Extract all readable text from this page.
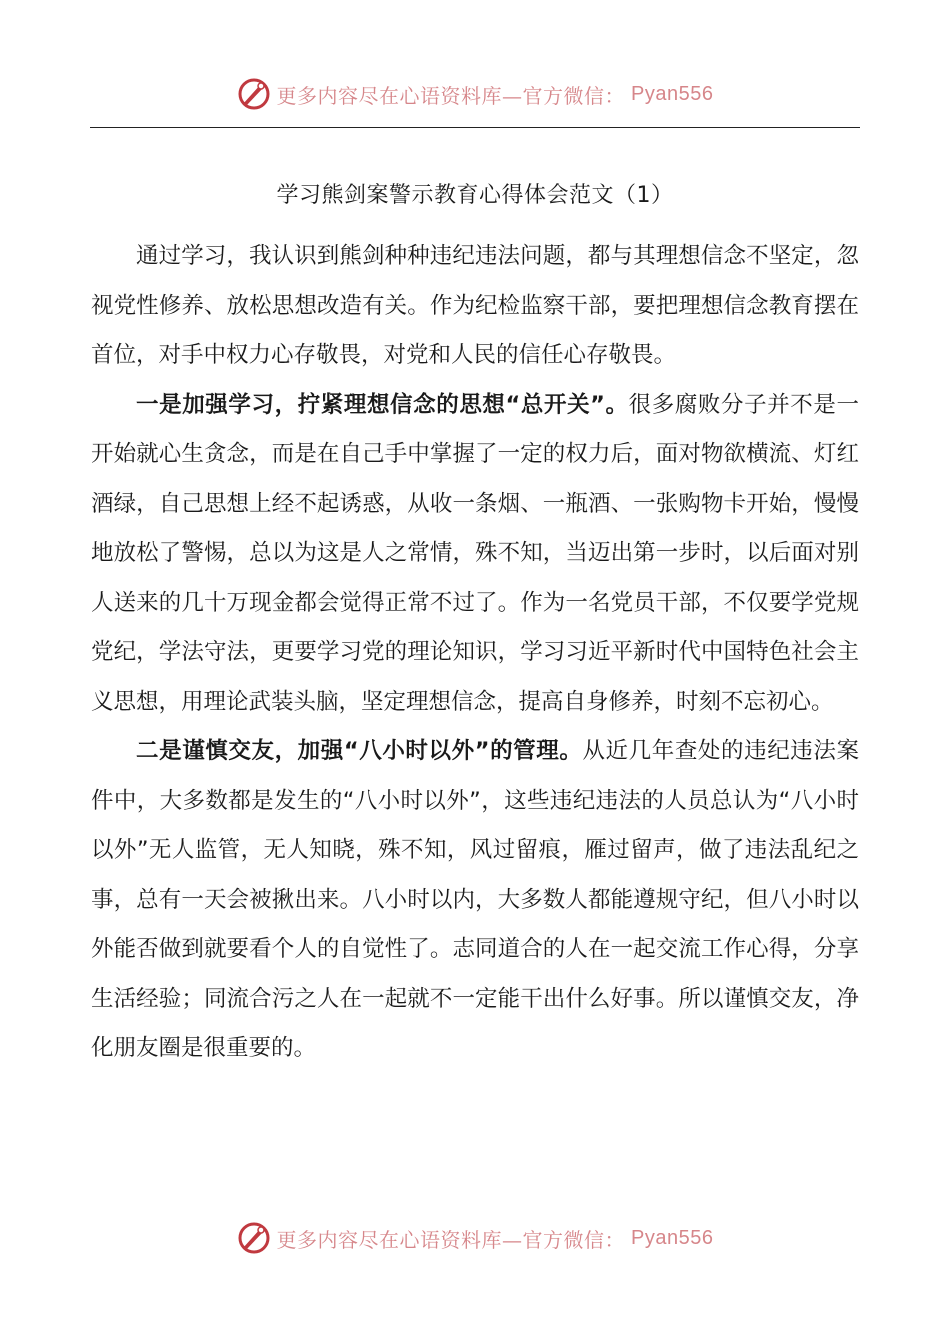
更多内容尽在心语资料库—官方微信： Pyan556
学习熊剑案警示教育心得体会范文（1）

通过学习，我认识到熊剑种种违纪违法问题，都与其理想信念不坚定，忽视党性修养、放松思想改造有关。作为纪检监察干部，要把理想信念教育摆在首位，对手中权力心存敬畏，对党和人民的信任心存敬畏。

一是加强学习，拧紧理想信念的思想“总开关”。很多腐败分子并不是一开始就心生贪念，而是在自己手中掌握了一定的权力后，面对物欲横流、灯红酒绿，自己思想上经不起诱惑，从收一条烟、一瓶酒、一张购物卡开始，慢慢地放松了警惕，总以为这是人之常情，殊不知，当迈出第一步时，以后面对别人送来的几十万现金都会觉得正常不过了。作为一名党员干部，不仅要学党规党纪，学法守法，更要学习党的理论知识，学习习近平新时代中国特色社会主义思想，用理论武装头脑，坚定理想信念，提高自身修养，时刻不忘初心。

二是谨慎交友，加强“八小时以外”的管理。从近几年查处的违纪违法案件中，大多数都是发生的“八小时以外”，这些违纪违法的人员总认为“八小时以外”无人监管，无人知晓，殊不知，风过留痕，雁过留声，做了违法乱纪之事，总有一天会被揪出来。八小时以内，大多数人都能遵规守纪，但八小时以外能否做到就要看个人的自觉性了。志同道合的人在一起交流工作心得，分享生活经验；同流合污之人在一起就不一定能干出什么好事。所以谨慎交友，净化朋友圈是很重要的。

更多内容尽在心语资料库—官方微信： Pyan556
